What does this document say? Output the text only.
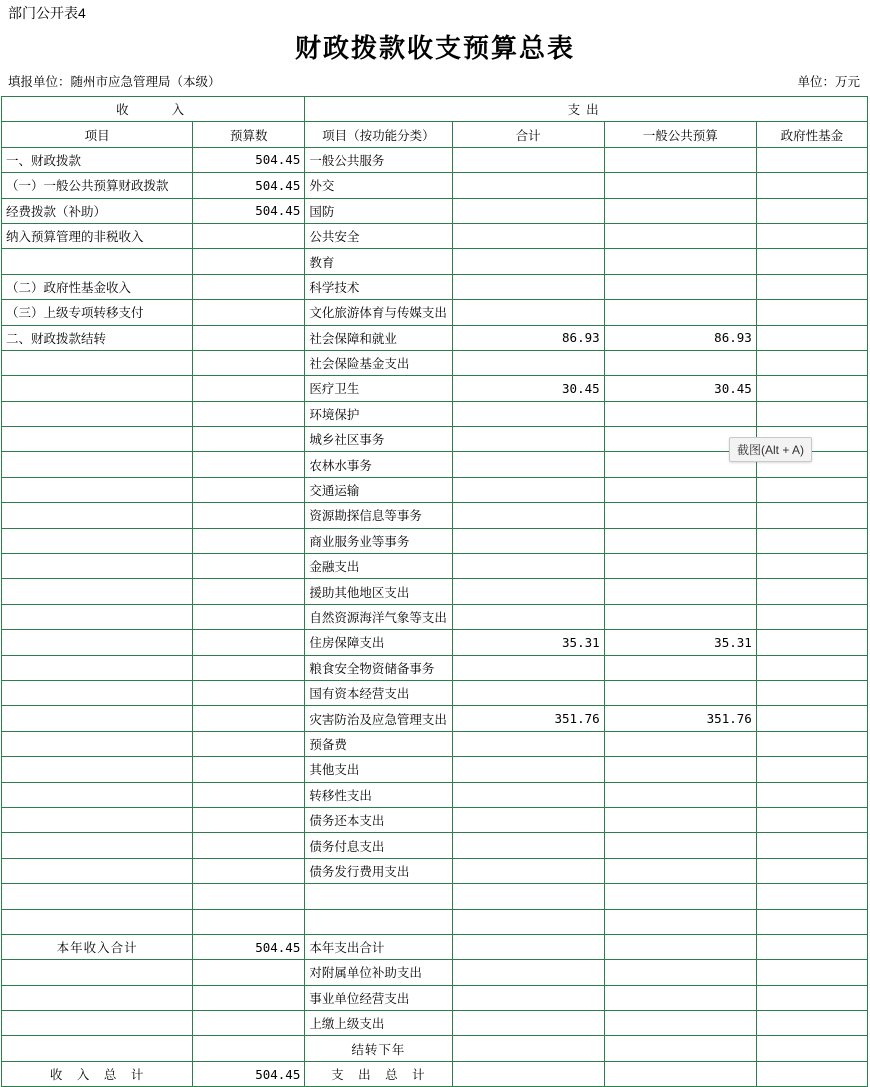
部门公开表4
财政拨款收支预算总表
填报单位：随州市应急管理局（本级）	单位：万元
收　　入		支出			
项目	预算数	项目（按功能分类）	合计	一般公共预算	政府性基金
一、财政拨款	504.45	一般公共服务			
（一）一般公共预算财政拨款	504.45	外交			
经费拨款（补助）	504.45	国防			
纳入预算管理的非税收入		公共安全			
		教育			
（二）政府性基金收入		科学技术			
（三）上级专项转移支付		文化旅游体育与传媒支出			
二、财政拨款结转		社会保障和就业	86.93	86.93	
		社会保险基金支出			
		医疗卫生	30.45	30.45	
		环境保护			
		城乡社区事务			
		农林水事务			
		交通运输			
		资源勘探信息等事务			
		商业服务业等事务			
		金融支出			
		援助其他地区支出			
		自然资源海洋气象等支出			
		住房保障支出	35.31	35.31	
		粮食安全物资储备事务			
		国有资本经营支出			
		灾害防治及应急管理支出	351.76	351.76	
		预备费			
		其他支出			
		转移性支出			
		债务还本支出			
		债务付息支出			
		债务发行费用支出			

本年收入合计	504.45	本年支出合计			
		对附属单位补助支出			
		事业单位经营支出			
		上缴上级支出			
		结转下年			
收　入　总　计	504.45	支　出　总　计			
截图(Alt + A)
